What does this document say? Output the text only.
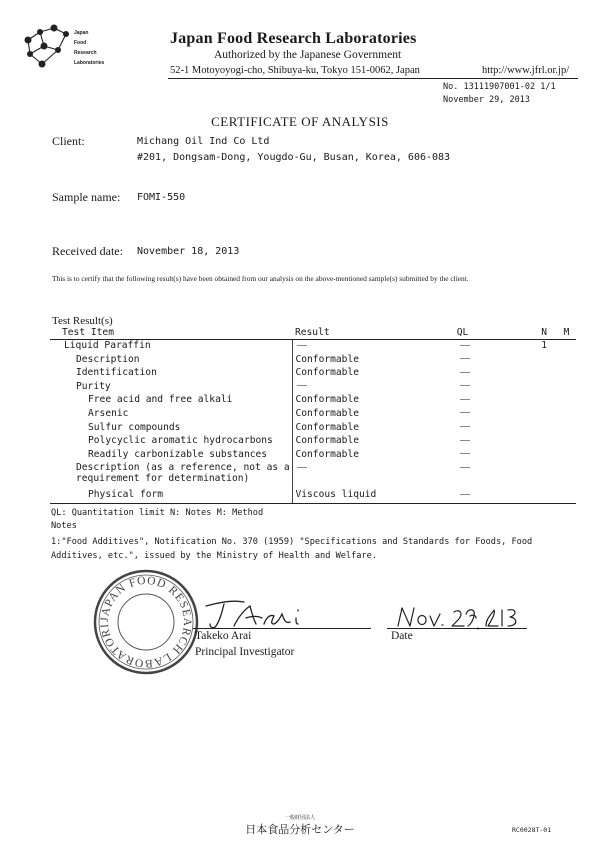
Japan
Food
Research
Laboratories
Japan Food Research Laboratories
Authorized by the Japanese Government
52-1 Motoyoyogi-cho, Shibuya-ku, Tokyo 151-0062, Japan	http://www.jfrl.or.jp/
No. 13111907001-02 1/1
November 29, 2013
CERTIFICATE OF ANALYSIS
Client:	Michang Oil Ind Co Ltd
#201, Dongsam-Dong, Yougdo-Gu, Busan, Korea, 606-083
Sample name: FOMI-550
Received date: November 18, 2013
This is to certify that the following result(s) have been obtained from our analysis on the above-mentioned sample(s) submitted by the client.
Test Result(s)
Test Item	Result	QL	N	M
Liquid Paraffin			1	
Description	Conformable			
Identification	Conformable			
Purity				
Free acid and free alkali	Conformable			
Arsenic	Conformable			
Sulfur compounds	Conformable			
Polycyclic aromatic hydrocarbons	Conformable			
Readily carbonizable substances	Conformable			
Description (as a reference, not as a
requirement for determination)				
Physical form	Viscous liquid			
QL: Quantitation limit N: Notes M: Method
Notes
1:"Food Additives", Notification No. 370 (1959) "Specifications and Standards for Foods, Food Additives, etc.", issued by the Ministry of Health and Welfare.
JAPAN FOOD RESEARCH LABORATORI
Takeko Arai
Principal Investigator
Date
一般財団法人
日本食品分析センター	RC0028T-01
